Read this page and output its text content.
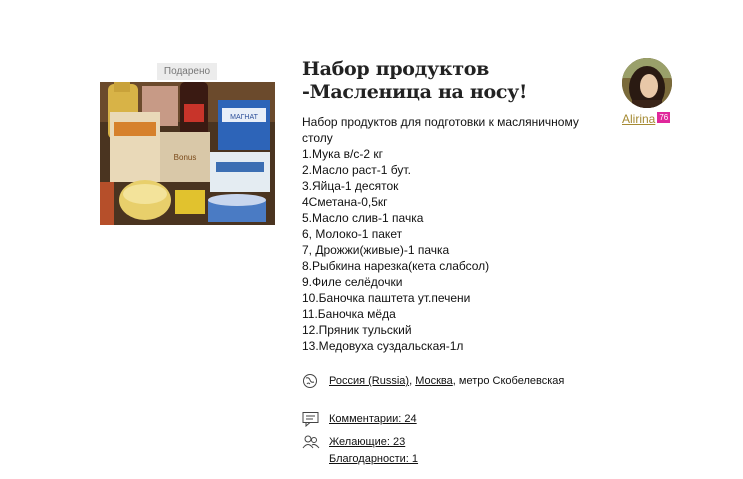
Подарено
МАГНАТ
Bonus
Набор продуктов -Масленица на носу!
Набор продуктов для подготовки к масляничному
столу
1.Мука в/с-2 кг
2.Масло раст-1 бут.
3.Яйца-1 десяток
4Сметана-0,5кг
5.Масло слив-1 пачка
6, Молоко-1 пакет
7, Дрожжи(живые)-1 пачка
8.Рыбкина нарезка(кета слабсол)
9.Филе селёдочки
10.Баночка паштета ут.печени
11.Баночка мёда
12.Пряник тульский
13.Медовуха суздальская-1л
Alirina 76
Россия (Russia) ,
Москва , метро Скобелевская
Комментарии: 24
Желающие: 23
Благодарности: 1
